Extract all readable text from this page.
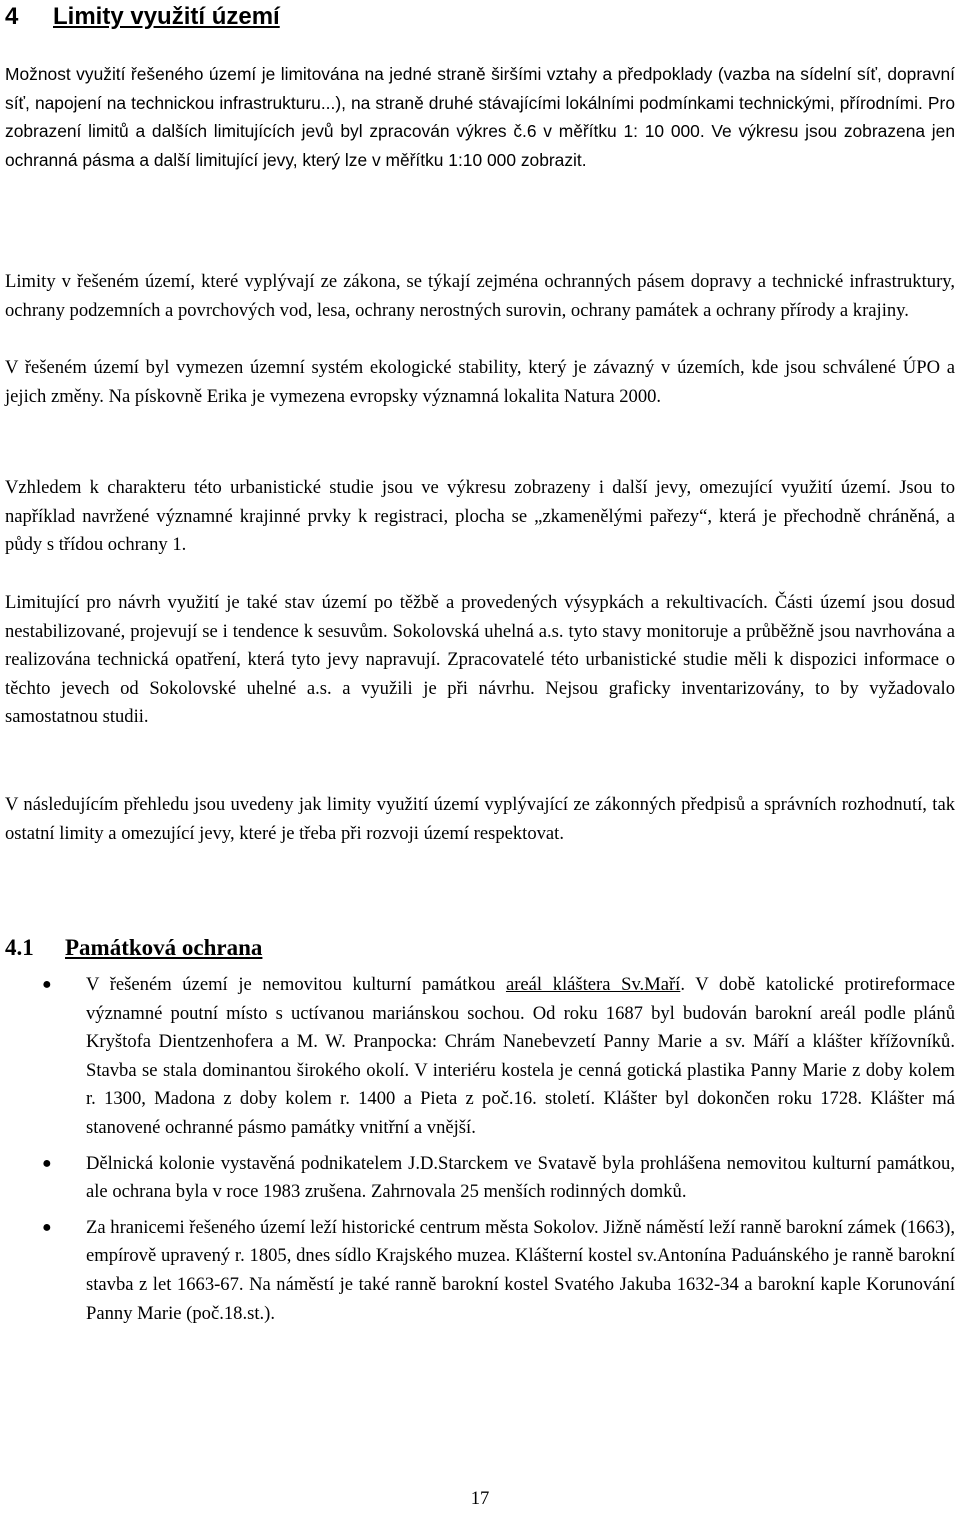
4 Limity využití území

Možnost využití řešeného území je limitována na jedné straně širšími vztahy a předpoklady (vazba na sídelní síť, dopravní síť, napojení na technickou infrastrukturu...), na straně druhé stávajícími lokálními podmínkami technickými, přírodními. Pro zobrazení limitů a dalších limitujících jevů byl zpracován výkres č.6 v měřítku 1: 10 000. Ve výkresu jsou zobrazena jen ochranná pásma a další limitující jevy, který lze v měřítku 1:10 000 zobrazit.

Limity v řešeném území, které vyplývají ze zákona, se týkají zejména ochranných pásem dopravy a technické infrastruktury, ochrany podzemních a povrchových vod, lesa, ochrany nerostných surovin, ochrany památek a ochrany přírody a krajiny.

V řešeném území byl vymezen územní systém ekologické stability, který je závazný v územích, kde jsou schválené ÚPO a jejich změny. Na pískovně Erika je vymezena evropsky významná lokalita Natura 2000.

Vzhledem k charakteru této urbanistické studie jsou ve výkresu zobrazeny i další jevy, omezující využití území. Jsou to například navržené významné krajinné prvky k registraci, plocha se „zkamenělými pařezy“, která je přechodně chráněná, a půdy s třídou ochrany 1.

Limitující pro návrh využití je také stav území po těžbě a provedených výsypkách a rekultivacích. Části území jsou dosud nestabilizované, projevují se i tendence k sesuvům. Sokolovská uhelná a.s. tyto stavy monitoruje a průběžně jsou navrhována a realizována technická opatření, která tyto jevy napravují. Zpracovatelé této urbanistické studie měli k dispozici informace o těchto jevech od Sokolovské uhelné a.s. a využili je při návrhu. Nejsou graficky inventarizovány, to by vyžadovalo samostatnou studii.

V následujícím přehledu jsou uvedeny jak limity využití území vyplývající ze zákonných předpisů a správních rozhodnutí, tak ostatní limity a omezující jevy, které je třeba při rozvoji území respektovat.

4.1 Památková ochrana
● V řešeném území je nemovitou kulturní památkou areál kláštera Sv.Maří. V době katolické protireformace významné poutní místo s uctívanou mariánskou sochou. Od roku 1687 byl budován barokní areál podle plánů Kryštofa Dientzenhofera a M. W. Pranpocka: Chrám Nanebevzetí Panny Marie a sv. Máří a klášter křížovníků. Stavba se stala dominantou širokého okolí. V interiéru kostela je cenná gotická plastika Panny Marie z doby kolem r. 1300, Madona z doby kolem r. 1400 a Pieta z poč.16. století. Klášter byl dokončen roku 1728. Klášter má stanovené ochranné pásmo památky vnitřní a vnější.
● Dělnická kolonie vystavěná podnikatelem J.D.Starckem ve Svatavě byla prohlášena nemovitou kulturní památkou, ale ochrana byla v roce 1983 zrušena. Zahrnovala 25 menších rodinných domků.
● Za hranicemi řešeného území leží historické centrum města Sokolov. Jižně náměstí leží ranně barokní zámek (1663), empírově upravený r. 1805, dnes sídlo Krajského muzea. Klášterní kostel sv.Antonína Paduánského je ranně barokní stavba z let 1663-67. Na náměstí je také ranně barokní kostel Svatého Jakuba 1632-34 a barokní kaple Korunování Panny Marie (poč.18.st.).
17
